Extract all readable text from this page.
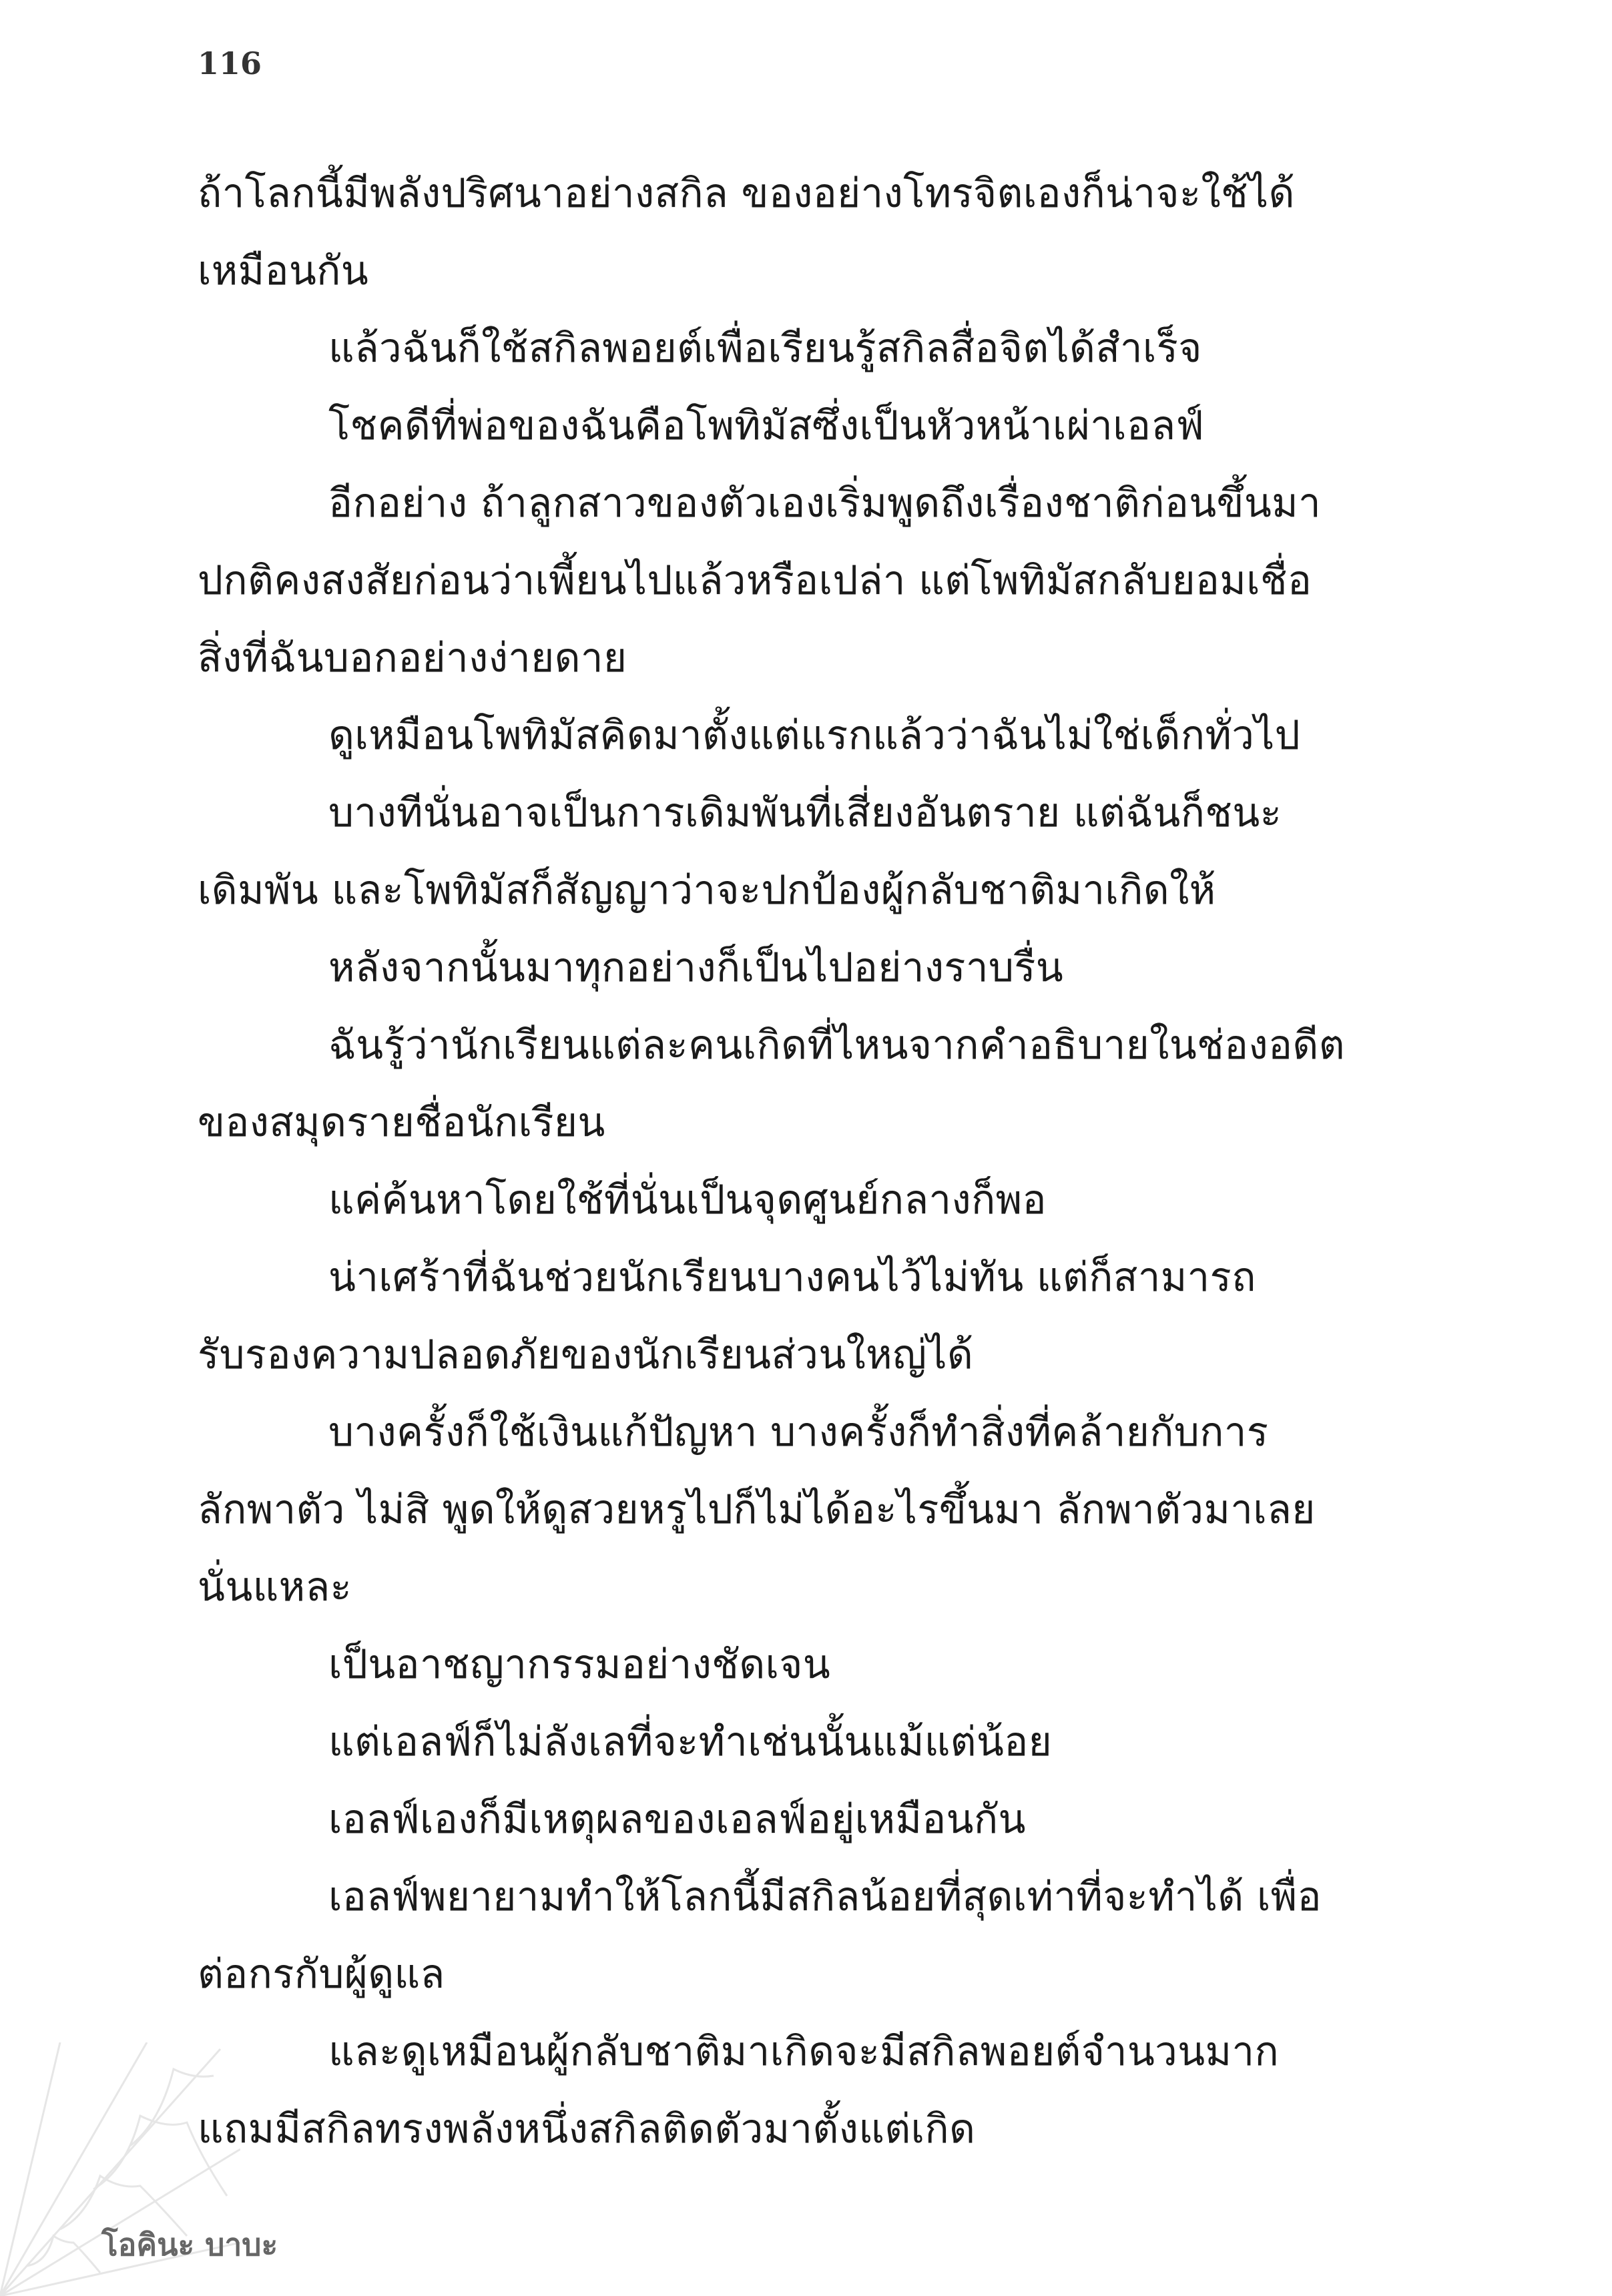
116
ถ้าโลกนี้มีพลังปริศนาอย่างสกิล ของอย่างโทรจิตเองก็น่าจะใช้ได้
เหมือนกัน
แล้วฉันก็ใช้สกิลพอยต์เพื่อเรียนรู้สกิลสื่อจิตได้สำเร็จ
โชคดีที่พ่อของฉันคือโพทิมัสซึ่งเป็นหัวหน้าเผ่าเอลฟ์
อีกอย่าง ถ้าลูกสาวของตัวเองเริ่มพูดถึงเรื่องชาติก่อนขึ้นมา
ปกติคงสงสัยก่อนว่าเพี้ยนไปแล้วหรือเปล่า แต่โพทิมัสกลับยอมเชื่อ
สิ่งที่ฉันบอกอย่างง่ายดาย
ดูเหมือนโพทิมัสคิดมาตั้งแต่แรกแล้วว่าฉันไม่ใช่เด็กทั่วไป
บางทีนั่นอาจเป็นการเดิมพันที่เสี่ยงอันตราย แต่ฉันก็ชนะ
เดิมพัน และโพทิมัสก็สัญญาว่าจะปกป้องผู้กลับชาติมาเกิดให้
หลังจากนั้นมาทุกอย่างก็เป็นไปอย่างราบรื่น
ฉันรู้ว่านักเรียนแต่ละคนเกิดที่ไหนจากคำอธิบายในช่องอดีต
ของสมุดรายชื่อนักเรียน
แค่ค้นหาโดยใช้ที่นั่นเป็นจุดศูนย์กลางก็พอ
น่าเศร้าที่ฉันช่วยนักเรียนบางคนไว้ไม่ทัน แต่ก็สามารถ
รับรองความปลอดภัยของนักเรียนส่วนใหญ่ได้
บางครั้งก็ใช้เงินแก้ปัญหา บางครั้งก็ทำสิ่งที่คล้ายกับการ
ลักพาตัว ไม่สิ พูดให้ดูสวยหรูไปก็ไม่ได้อะไรขึ้นมา ลักพาตัวมาเลย
นั่นแหละ
เป็นอาชญากรรมอย่างชัดเจน
แต่เอลฟ์ก็ไม่ลังเลที่จะทำเช่นนั้นแม้แต่น้อย
เอลฟ์เองก็มีเหตุผลของเอลฟ์อยู่เหมือนกัน
เอลฟ์พยายามทำให้โลกนี้มีสกิลน้อยที่สุดเท่าที่จะทำได้ เพื่อ
ต่อกรกับผู้ดูแล
และดูเหมือนผู้กลับชาติมาเกิดจะมีสกิลพอยต์จำนวนมาก
แถมมีสกิลทรงพลังหนึ่งสกิลติดตัวมาตั้งแต่เกิด
โอคินะ บาบะ
